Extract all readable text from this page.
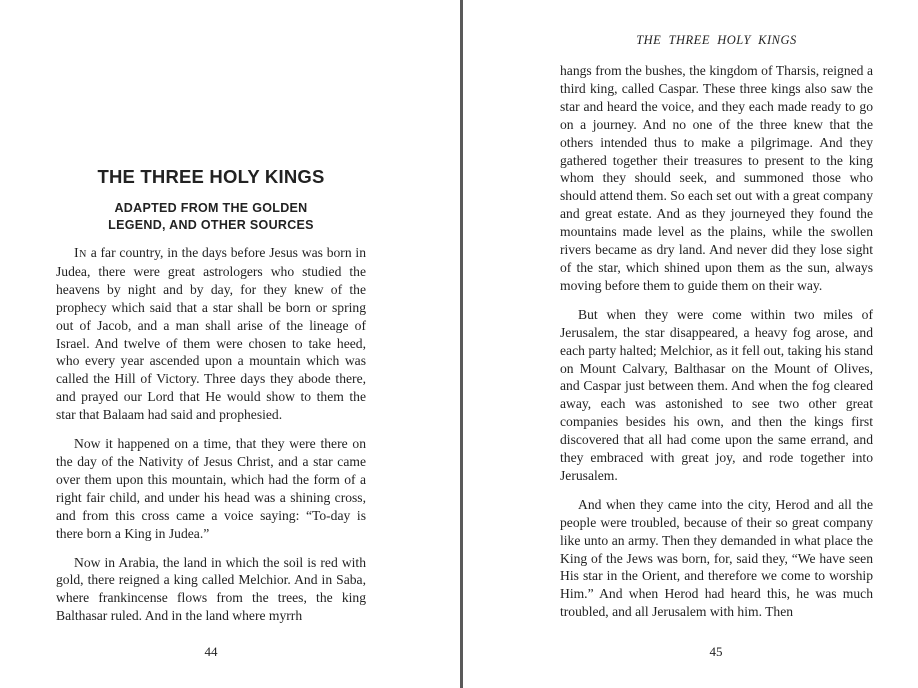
THE THREE HOLY KINGS
ADAPTED FROM THE GOLDEN
LEGEND, AND OTHER SOURCES

In a far country, in the days before Jesus was born in Judea, there were great astrologers who studied the heavens by night and by day, for they knew of the prophecy which said that a star shall be born or spring out of Jacob, and a man shall arise of the lineage of Israel. And twelve of them were chosen to take heed, who every year ascended upon a mountain which was called the Hill of Victory. Three days they abode there, and prayed our Lord that He would show to them the star that Balaam had said and prophesied.

Now it happened on a time, that they were there on the day of the Nativity of Jesus Christ, and a star came over them upon this mountain, which had the form of a right fair child, and under his head was a shining cross, and from this cross came a voice saying: “To-day is there born a King in Judea.”

Now in Arabia, the land in which the soil is red with gold, there reigned a king called Melchior. And in Saba, where frankincense flows from the trees, the king Balthasar ruled. And in the land where myrrh

44

THE  THREE  HOLY  KINGS

hangs from the bushes, the kingdom of Tharsis, reigned a third king, called Caspar. These three kings also saw the star and heard the voice, and they each made ready to go on a journey. And no one of the three knew that the others intended thus to make a pilgrimage. And they gathered together their treasures to present to the king whom they should seek, and summoned those who should attend them. So each set out with a great company and great estate. And as they journeyed they found the mountains made level as the plains, while the swollen rivers became as dry land. And never did they lose sight of the star, which shined upon them as the sun, always moving before them to guide them on their way.

But when they were come within two miles of Jerusalem, the star disappeared, a heavy fog arose, and each party halted; Melchior, as it fell out, taking his stand on Mount Calvary, Balthasar on the Mount of Olives, and Caspar just between them. And when the fog cleared away, each was astonished to see two other great companies besides his own, and then the kings first discovered that all had come upon the same errand, and they embraced with great joy, and rode together into Jerusalem.

And when they came into the city, Herod and all the people were troubled, because of their so great company like unto an army. Then they demanded in what place the King of the Jews was born, for, said they, “We have seen His star in the Orient, and therefore we come to worship Him.” And when Herod had heard this, he was much troubled, and all Jerusalem with him. Then

45
